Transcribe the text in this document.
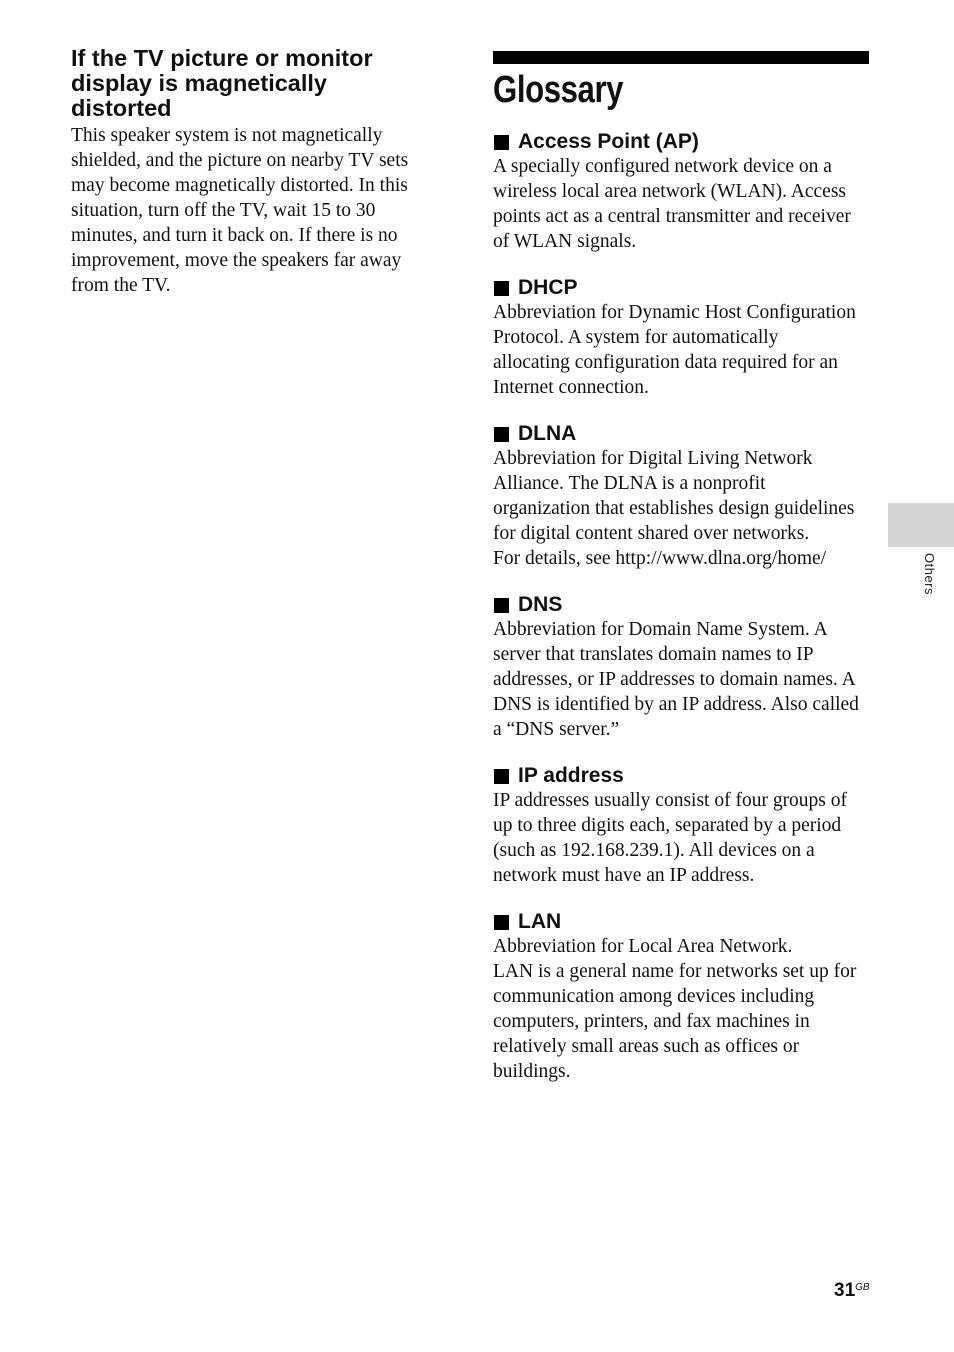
If the TV picture or monitor
display is magnetically
distorted

This speaker system is not magnetically
shielded, and the picture on nearby TV sets
may become magnetically distorted. In this
situation, turn off the TV, wait 15 to 30
minutes, and turn it back on. If there is no
improvement, move the speakers far away
from the TV.

Glossary
Access Point (AP)

A specially configured network device on a
wireless local area network (WLAN). Access
points act as a central transmitter and receiver
of WLAN signals.

DHCP

Abbreviation for Dynamic Host Configuration
Protocol. A system for automatically
allocating configuration data required for an
Internet connection.

DLNA

Abbreviation for Digital Living Network
Alliance. The DLNA is a nonprofit
organization that establishes design guidelines
for digital content shared over networks.
For details, see http://www.dlna.org/home/

DNS

Abbreviation for Domain Name System. A
server that translates domain names to IP
addresses, or IP addresses to domain names. A
DNS is identified by an IP address. Also called
a “DNS server.”

IP address

IP addresses usually consist of four groups of
up to three digits each, separated by a period
(such as 192.168.239.1). All devices on a
network must have an IP address.

LAN

Abbreviation for Local Area Network.
LAN is a general name for networks set up for
communication among devices including
computers, printers, and fax machines in
relatively small areas such as offices or
buildings.

Others
$31^{GB}$
